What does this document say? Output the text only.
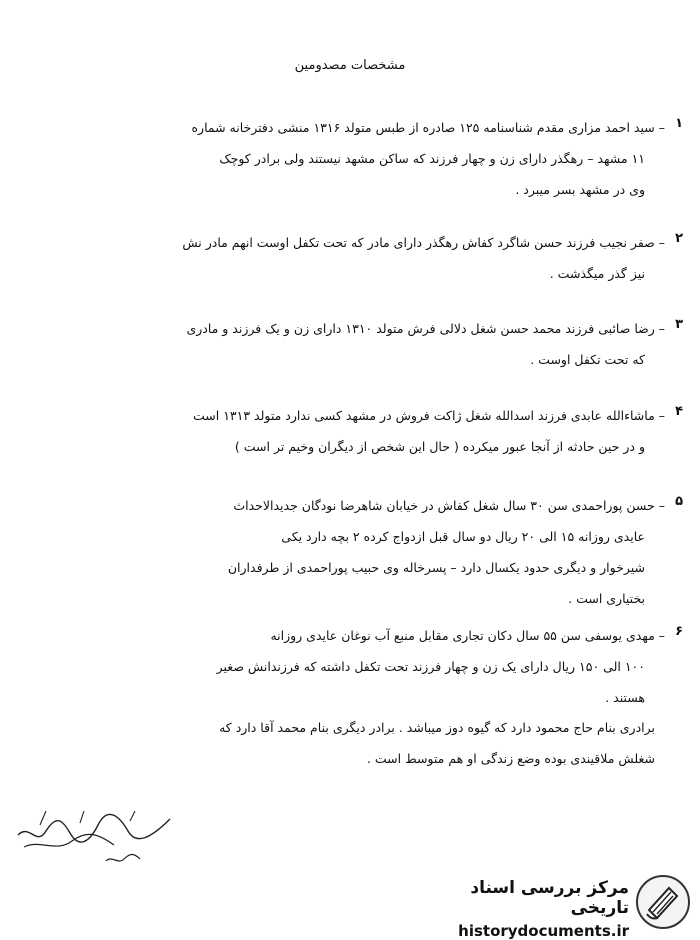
مشخصات مصدومین
۱
– سید احمد مزاری مقدم شناسنامه ۱۲۵ صادره از طبس متولد ۱۳۱۶ منشی دفترخانه شماره
۱۱ مشهد – رهگذر دارای زن و چهار فرزند که ساکن مشهد نیستند ولی برادر کوچک
وی در مشهد بسر میبرد .
۲
– صفر نجیب فرزند حسن شاگرد کفاش رهگذر دارای مادر که تحت تکفل اوست انهم مادر نش
نیز گذر میگذشت .
۳
– رضا صائبی فرزند محمد حسن شغل دلالی فرش متولد ۱۳۱۰ دارای زن و یک فرزند و مادری
که تحت تکفل اوست .
۴
– ماشاءالله عابدی فرزند اسدالله شغل ژاکت فروش در مشهد کسی ندارد متولد ۱۳۱۳ است
و در حین حادثه از آنجا عبور میکرده ( حال این شخص از دیگران وخیم تر است )
۵
– حسن پوراحمدی سن ۳۰ سال شغل کفاش در خیابان شاهرضا نودگان جدیدالاحداث
عایدی روزانه ۱۵ الی ۲۰ ریال دو سال قبل ازدواج کرده ۲ بچه دارد یکی
شیرخوار و دیگری حدود یکسال دارد – پسرخاله وی حبیب پوراحمدی از طرفداران
بختیاری است .
۶
– مهدی یوسفی سن ۵۵ سال دکان تجاری مقابل منبع آب نوغان عایدی روزانه
۱۰۰ الی ۱۵۰ ریال دارای یک زن و چهار فرزند تحت تکفل داشته که فرزندانش صغیر
هستند .
برادری بنام حاج محمود دارد که گیوه دوز میباشد . برادر دیگری بنام محمد آقا دارد که
شغلش ملاقیندی بوده وضع زندگی او هم متوسط است .
مرکز بررسی اسناد تاریخی
historydocuments.ir
